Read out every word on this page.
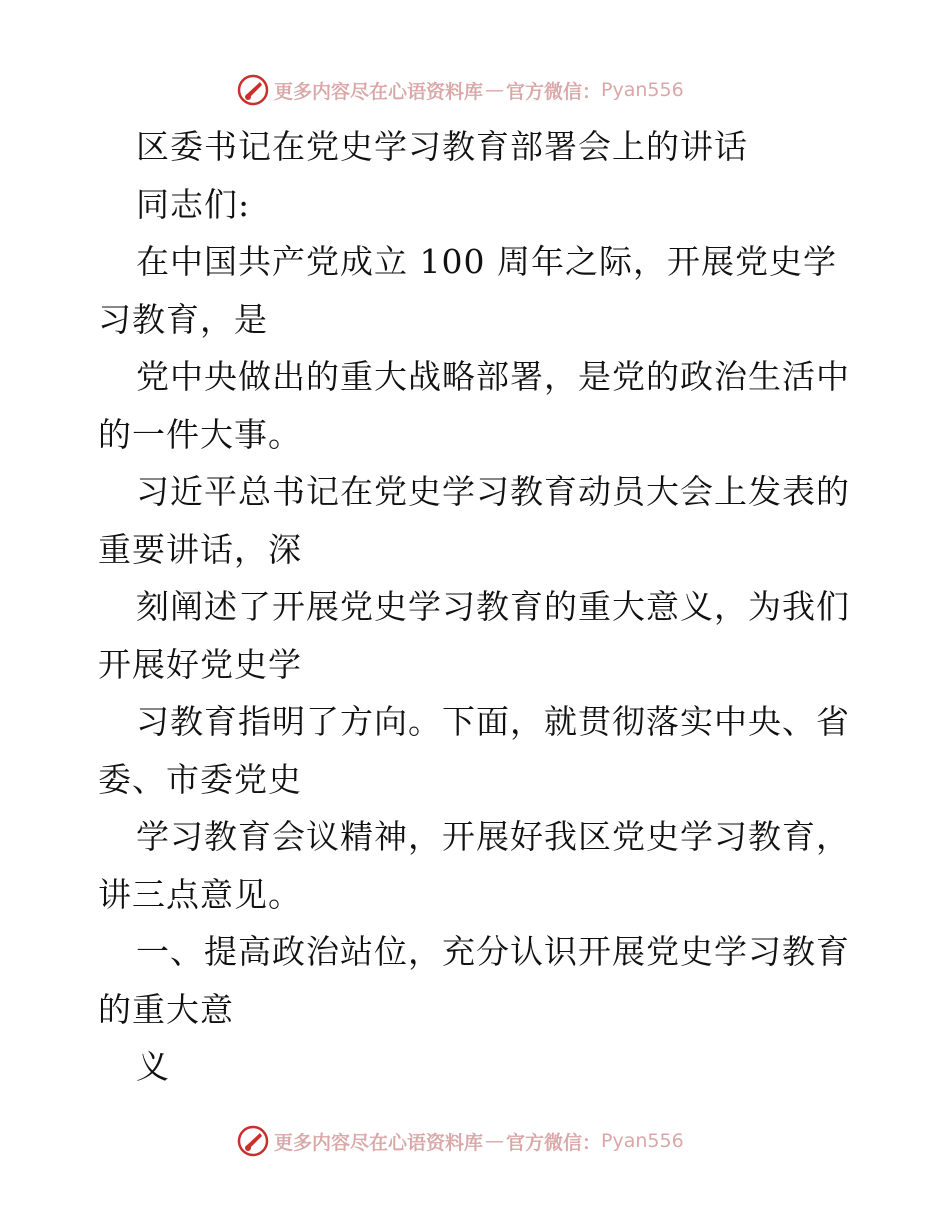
更多内容尽在心语资料库 — 官方微信： Pyan556
区委书记在党史学习教育部署会上的讲话
同志们:
在中国共产党成立 100 周年之际，开展党史学
习教育，是
党中央做出的重大战略部署，是党的政治生活中
的一件大事。
习近平总书记在党史学习教育动员大会上发表的
重要讲话，深
刻阐述了开展党史学习教育的重大意义，为我们
开展好党史学
习教育指明了方向。下面，就贯彻落实中央、省
委、市委党史
学习教育会议精神，开展好我区党史学习教育，
讲三点意见。
一、提高政治站位，充分认识开展党史学习教育
的重大意
义
更多内容尽在心语资料库 — 官方微信： Pyan556
